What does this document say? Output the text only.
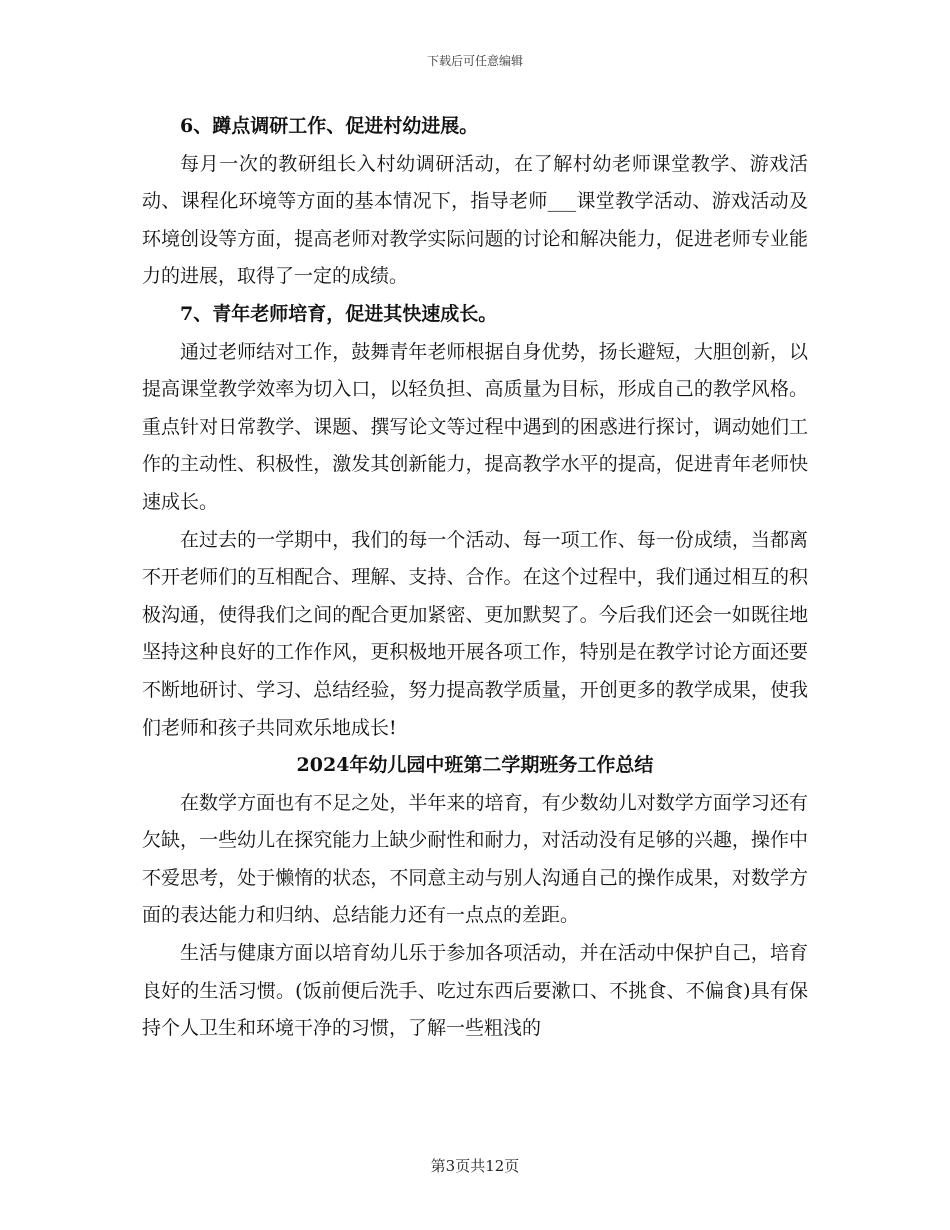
下载后可任意编辑

6、蹲点调研工作、促进村幼进展。

每月一次的教研组长入村幼调研活动，在了解村幼老师课堂教学、游戏活动、课程化环境等方面的基本情况下，指导老师___课堂教学活动、游戏活动及环境创设等方面，提高老师对教学实际问题的讨论和解决能力，促进老师专业能力的进展，取得了一定的成绩。

7、青年老师培育，促进其快速成长。

通过老师结对工作，鼓舞青年老师根据自身优势，扬长避短，大胆创新，以提高课堂教学效率为切入口，以轻负担、高质量为目标，形成自己的教学风格。重点针对日常教学、课题、撰写论文等过程中遇到的困惑进行探讨，调动她们工作的主动性、积极性，激发其创新能力，提高教学水平的提高，促进青年老师快速成长。

在过去的一学期中，我们的每一个活动、每一项工作、每一份成绩，当都离不开老师们的互相配合、理解、支持、合作。在这个过程中，我们通过相互的积极沟通，使得我们之间的配合更加紧密、更加默契了。今后我们还会一如既往地坚持这种良好的工作作风，更积极地开展各项工作，特别是在教学讨论方面还要不断地研讨、学习、总结经验，努力提高教学质量，开创更多的教学成果，使我们老师和孩子共同欢乐地成长!

2024年幼儿园中班第二学期班务工作总结

在数学方面也有不足之处，半年来的培育，有少数幼儿对数学方面学习还有欠缺，一些幼儿在探究能力上缺少耐性和耐力，对活动没有足够的兴趣，操作中不爱思考，处于懒惰的状态，不同意主动与别人沟通自己的操作成果，对数学方面的表达能力和归纳、总结能力还有一点点的差距。

生活与健康方面以培育幼儿乐于参加各项活动，并在活动中保护自己，培育良好的生活习惯。(饭前便后洗手、吃过东西后要漱口、不挑食、不偏食)具有保持个人卫生和环境干净的习惯，了解一些粗浅的

第3页共12页
